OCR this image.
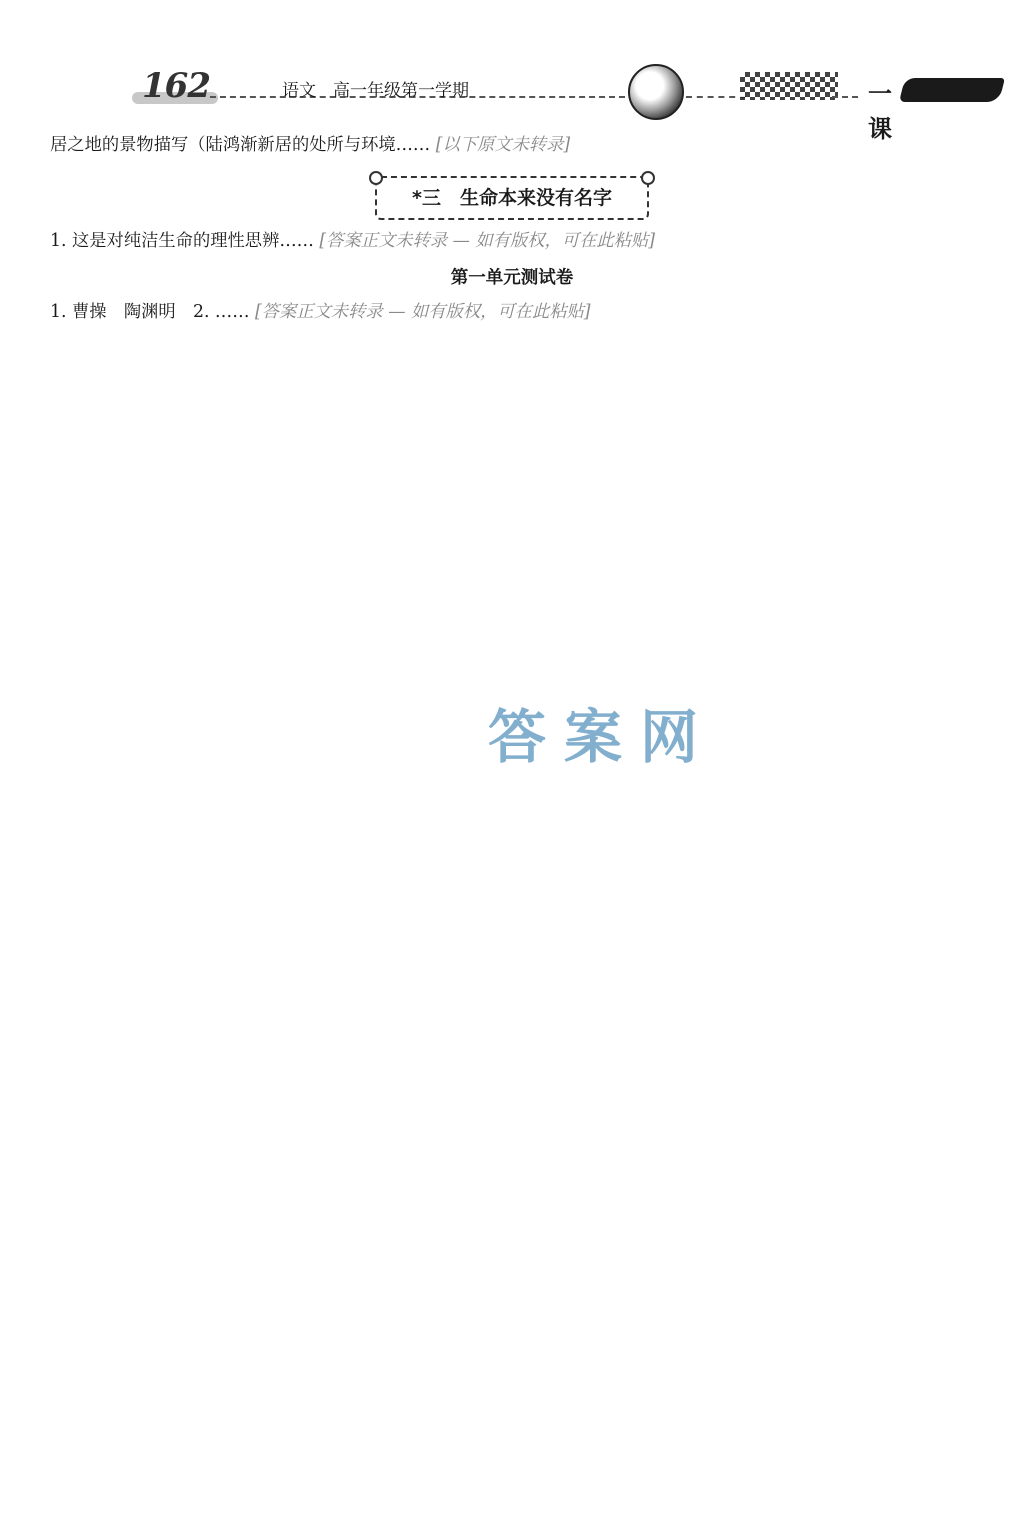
162	语文　高一年级第一学期	一课

居之地的景物描写（陆鸿渐新居的处所与环境…… [以下原文未转录]

*三　生命本来没有名字

1. 这是对纯洁生命的理性思辨…… [答案正文未转录 — 如有版权，可在此粘贴]

第一单元测试卷

1. 曹操　陶渊明　2. …… [答案正文未转录 — 如有版权，可在此粘贴]

答案网
